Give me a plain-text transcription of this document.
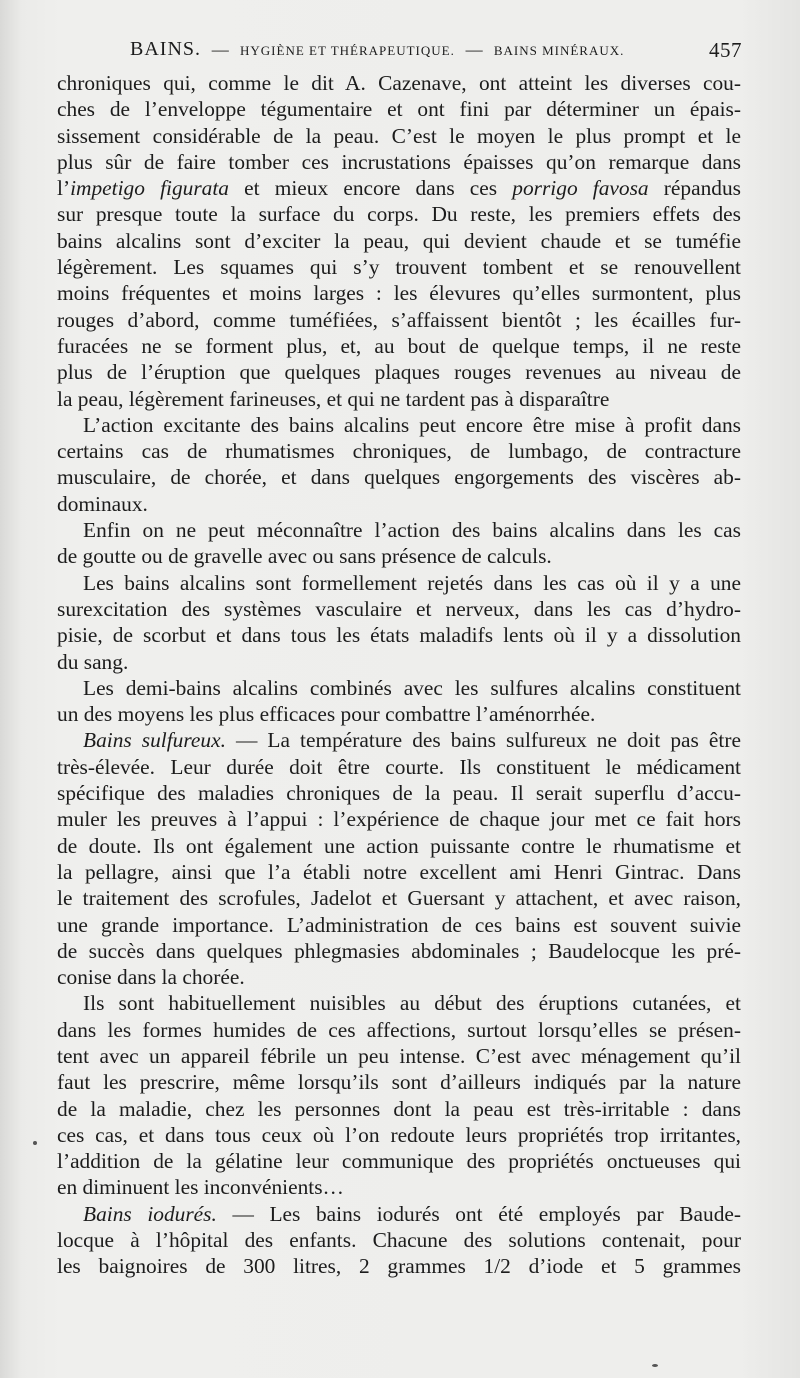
BAINS. — HYGIÈNE ET THÉRAPEUTIQUE. — BAINS MINÉRAUX.	457
chroniques qui, comme le dit A. Cazenave, ont atteint les diverses cou-
ches de l’enveloppe tégumentaire et ont fini par déterminer un épais-
sissement considérable de la peau. C’est le moyen le plus prompt et le
plus sûr de faire tomber ces incrustations épaisses qu’on remarque dans
l’impetigo figurata et mieux encore dans ces porrigo favosa répandus
sur presque toute la surface du corps. Du reste, les premiers effets des
bains alcalins sont d’exciter la peau, qui devient chaude et se tuméfie
légèrement. Les squames qui s’y trouvent tombent et se renouvellent
moins fréquentes et moins larges : les élevures qu’elles surmontent, plus
rouges d’abord, comme tuméfiées, s’affaissent bientôt ; les écailles fur-
furacées ne se forment plus, et, au bout de quelque temps, il ne reste
plus de l’éruption que quelques plaques rouges revenues au niveau de
la peau, légèrement farineuses, et qui ne tardent pas à disparaître
L’action excitante des bains alcalins peut encore être mise à profit dans
certains cas de rhumatismes chroniques, de lumbago, de contracture
musculaire, de chorée, et dans quelques engorgements des viscères ab-
dominaux.
Enfin on ne peut méconnaître l’action des bains alcalins dans les cas
de goutte ou de gravelle avec ou sans présence de calculs.
Les bains alcalins sont formellement rejetés dans les cas où il y a une
surexcitation des systèmes vasculaire et nerveux, dans les cas d’hydro-
pisie, de scorbut et dans tous les états maladifs lents où il y a dissolution
du sang.
Les demi-bains alcalins combinés avec les sulfures alcalins constituent
un des moyens les plus efficaces pour combattre l’aménorrhée.
Bains sulfureux. — La température des bains sulfureux ne doit pas être
très-élevée. Leur durée doit être courte. Ils constituent le médicament
spécifique des maladies chroniques de la peau. Il serait superflu d’accu-
muler les preuves à l’appui : l’expérience de chaque jour met ce fait hors
de doute. Ils ont également une action puissante contre le rhumatisme et
la pellagre, ainsi que l’a établi notre excellent ami Henri Gintrac. Dans
le traitement des scrofules, Jadelot et Guersant y attachent, et avec raison,
une grande importance. L’administration de ces bains est souvent suivie
de succès dans quelques phlegmasies abdominales ; Baudelocque les pré-
conise dans la chorée.
Ils sont habituellement nuisibles au début des éruptions cutanées, et
dans les formes humides de ces affections, surtout lorsqu’elles se présen-
tent avec un appareil fébrile un peu intense. C’est avec ménagement qu’il
faut les prescrire, même lorsqu’ils sont d’ailleurs indiqués par la nature
de la maladie, chez les personnes dont la peau est très-irritable : dans
ces cas, et dans tous ceux où l’on redoute leurs propriétés trop irritantes,
l’addition de la gélatine leur communique des propriétés onctueuses qui
en diminuent les inconvénients…
Bains iodurés. — Les bains iodurés ont été employés par Baude-
locque à l’hôpital des enfants. Chacune des solutions contenait, pour
les baignoires de 300 litres, 2 grammes 1/2 d’iode et 5 grammes
